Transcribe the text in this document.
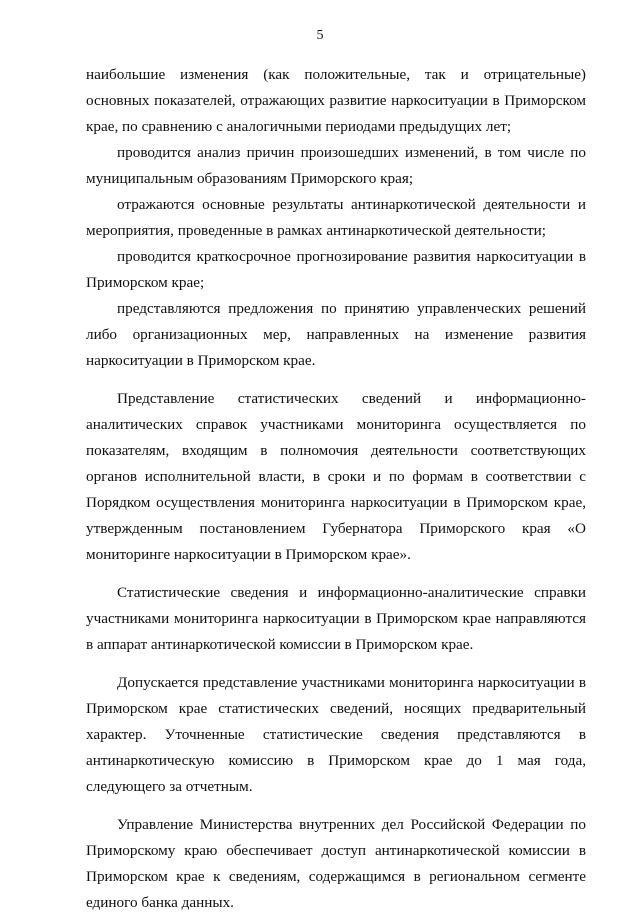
5

наибольшие изменения (как положительные, так и отрицательные) основных показателей, отражающих развитие наркоситуации в Приморском крае, по сравнению с аналогичными периодами предыдущих лет;

проводится анализ причин произошедших изменений, в том числе по муниципальным образованиям Приморского края;

отражаются основные результаты антинаркотической деятельности и мероприятия, проведенные в рамках антинаркотической деятельности;

проводится краткосрочное прогнозирование развития наркоситуации в Приморском крае;

представляются предложения по принятию управленческих решений либо организационных мер, направленных на изменение развития наркоситуации в Приморском крае.

Представление статистических сведений и информационно-аналитических справок участниками мониторинга осуществляется по показателям, входящим в полномочия деятельности соответствующих органов исполнительной власти, в сроки и по формам в соответствии с Порядком осуществления мониторинга наркоситуации в Приморском крае, утвержденным постановлением Губернатора Приморского края «О мониторинге наркоситуации в Приморском крае».

Статистические сведения и информационно-аналитические справки участниками мониторинга наркоситуации в Приморском крае направляются в аппарат антинаркотической комиссии в Приморском крае.

Допускается представление участниками мониторинга наркоситуации в Приморском крае статистических сведений, носящих предварительный характер. Уточненные статистические сведения представляются в антинаркотическую комиссию в Приморском крае до 1 мая года, следующего за отчетным.

Управление Министерства внутренних дел Российской Федерации по Приморскому краю обеспечивает доступ антинаркотической комиссии в Приморском крае к сведениям, содержащимся в региональном сегменте единого банка данных.
